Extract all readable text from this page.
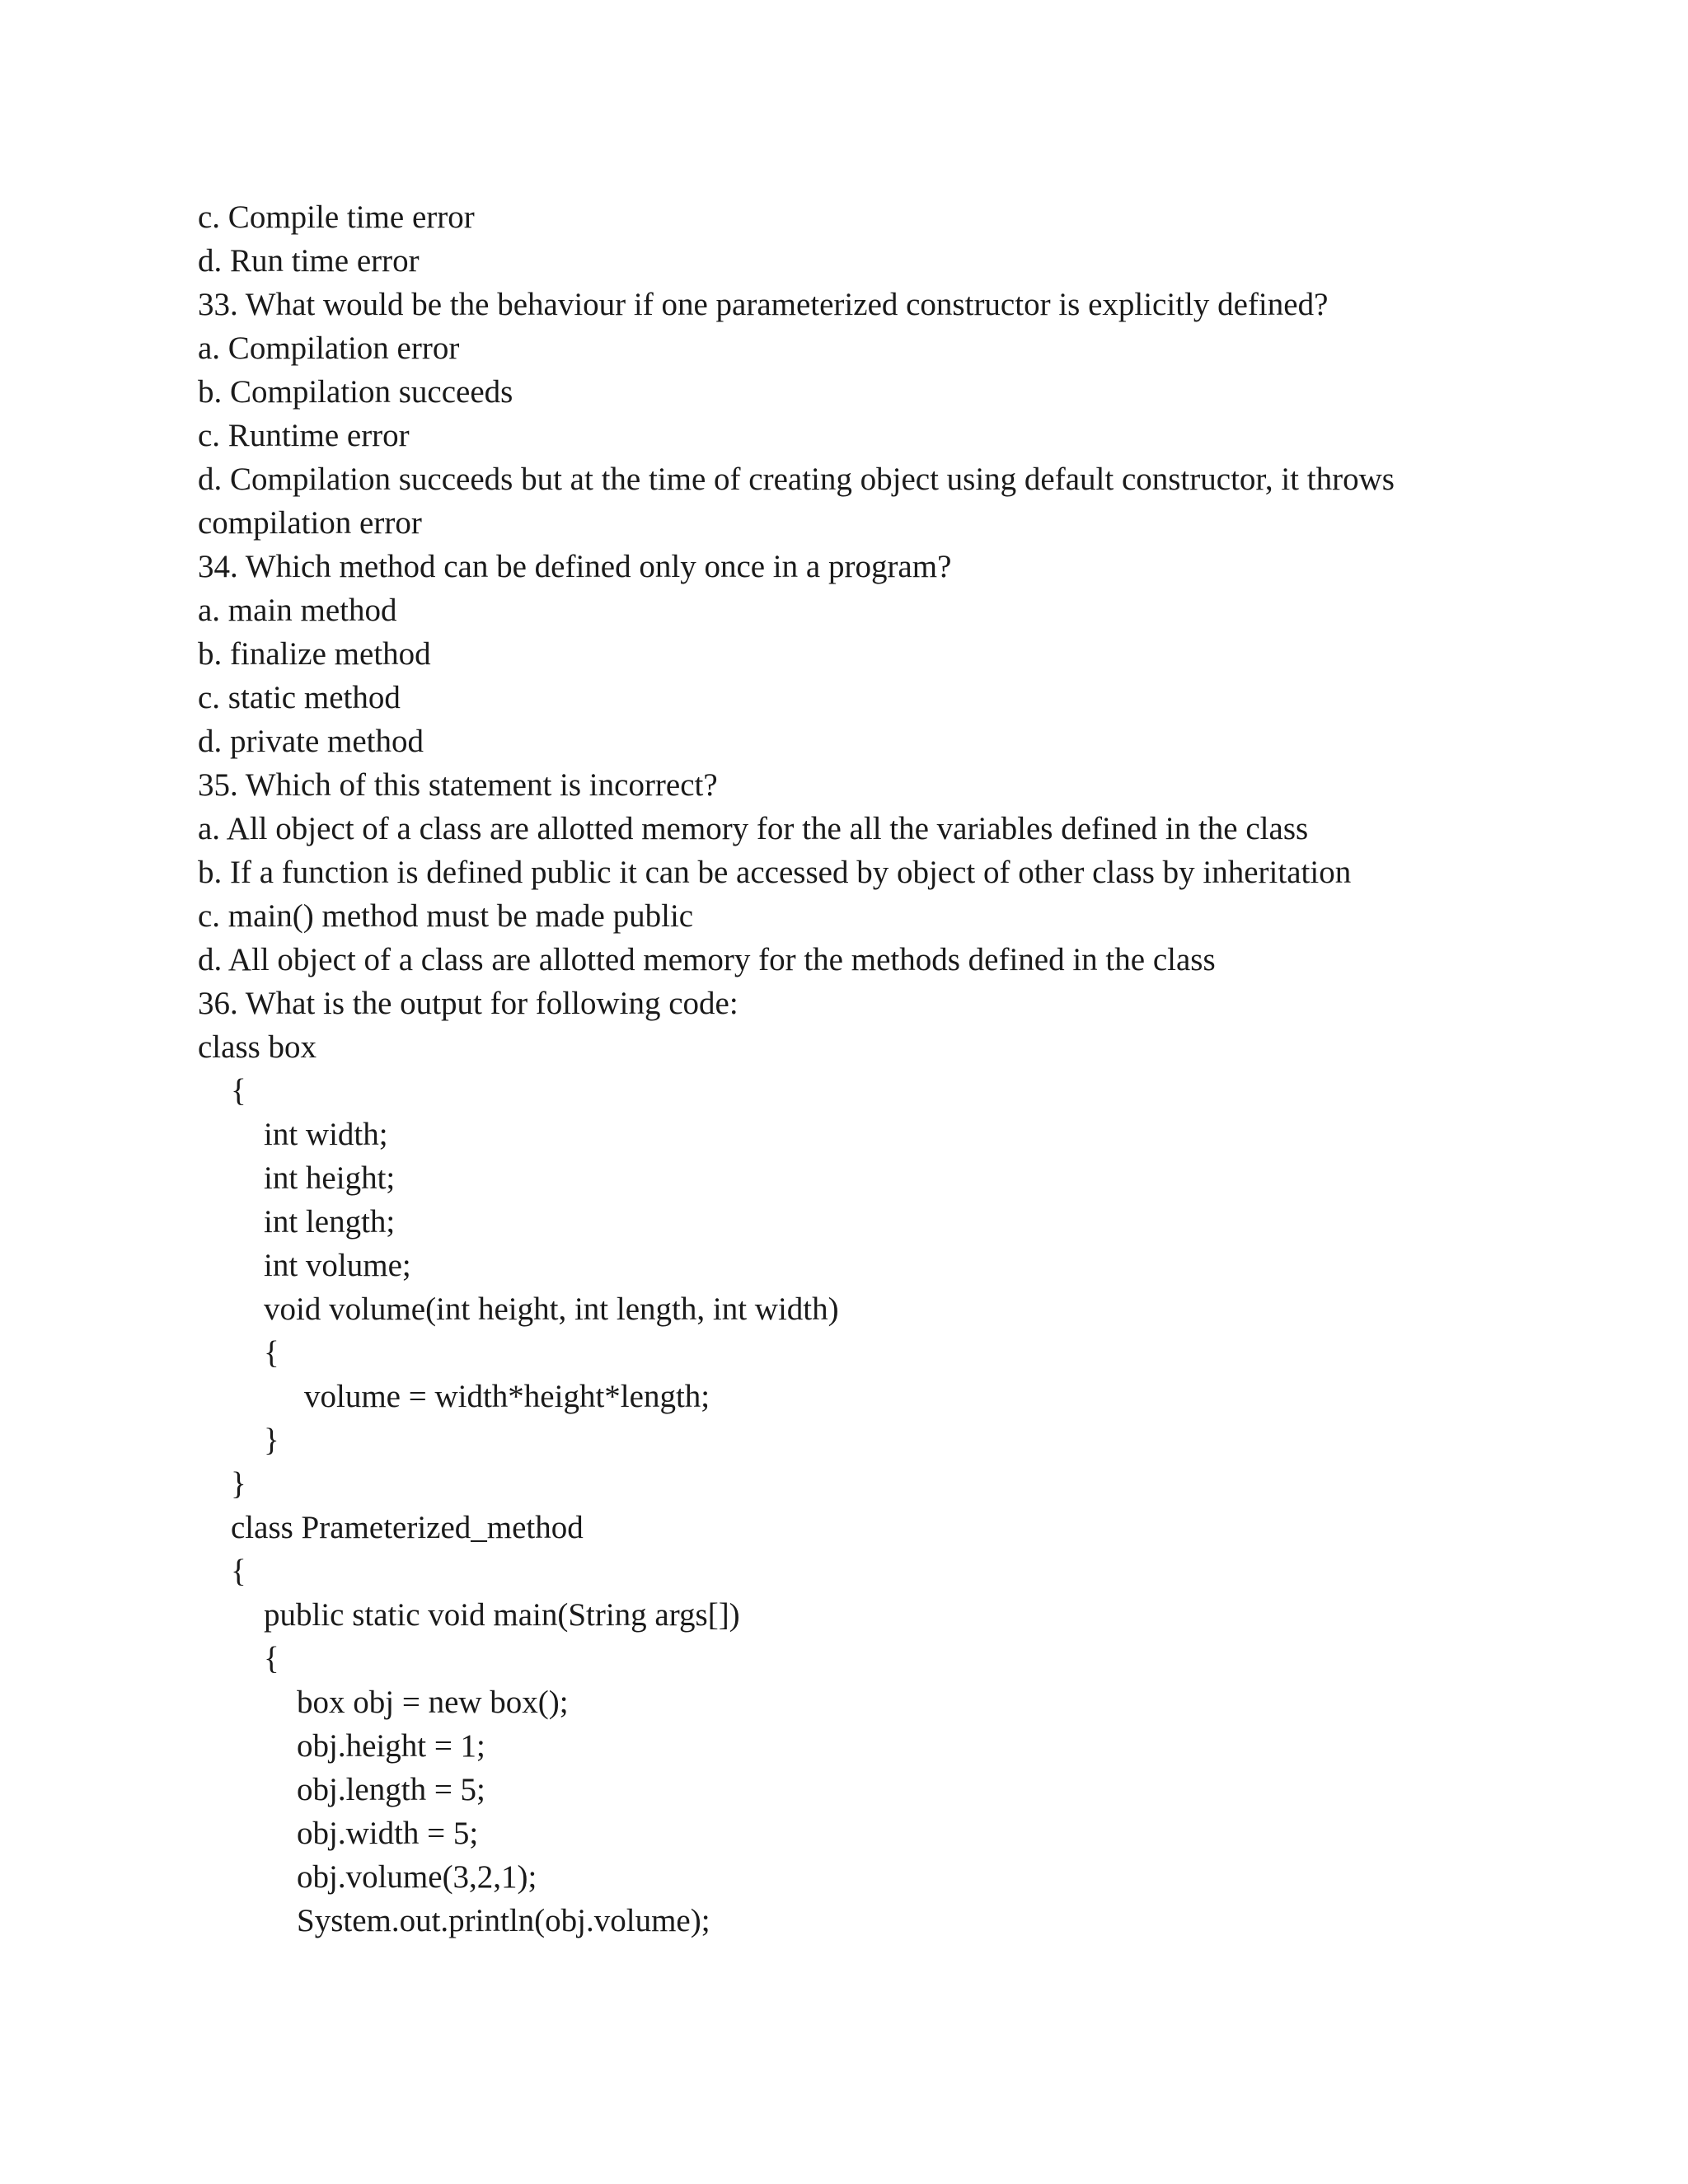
c. Compile time error
d. Run time error
33. What would be the behaviour if one parameterized constructor is explicitly defined?
a. Compilation error
b. Compilation succeeds
c. Runtime error
d. Compilation succeeds but at the time of creating object using default constructor, it throws
compilation error
34. Which method can be defined only once in a program?
a. main method
b. finalize method
c. static method
d. private method
35. Which of this statement is incorrect?
a. All object of a class are allotted memory for the all the variables defined in the class
b. If a function is defined public it can be accessed by object of other class by inheritation
c. main() method must be made public
d. All object of a class are allotted memory for the methods defined in the class
36. What is the output for following code:
class box
{
int width;
int height;
int length;
int volume;
void volume(int height, int length, int width)
{
volume = width*height*length;
}
}
class Prameterized_method
{
public static void main(String args[])
{
box obj = new box();
obj.height = 1;
obj.length = 5;
obj.width = 5;
obj.volume(3,2,1);
System.out.println(obj.volume);
